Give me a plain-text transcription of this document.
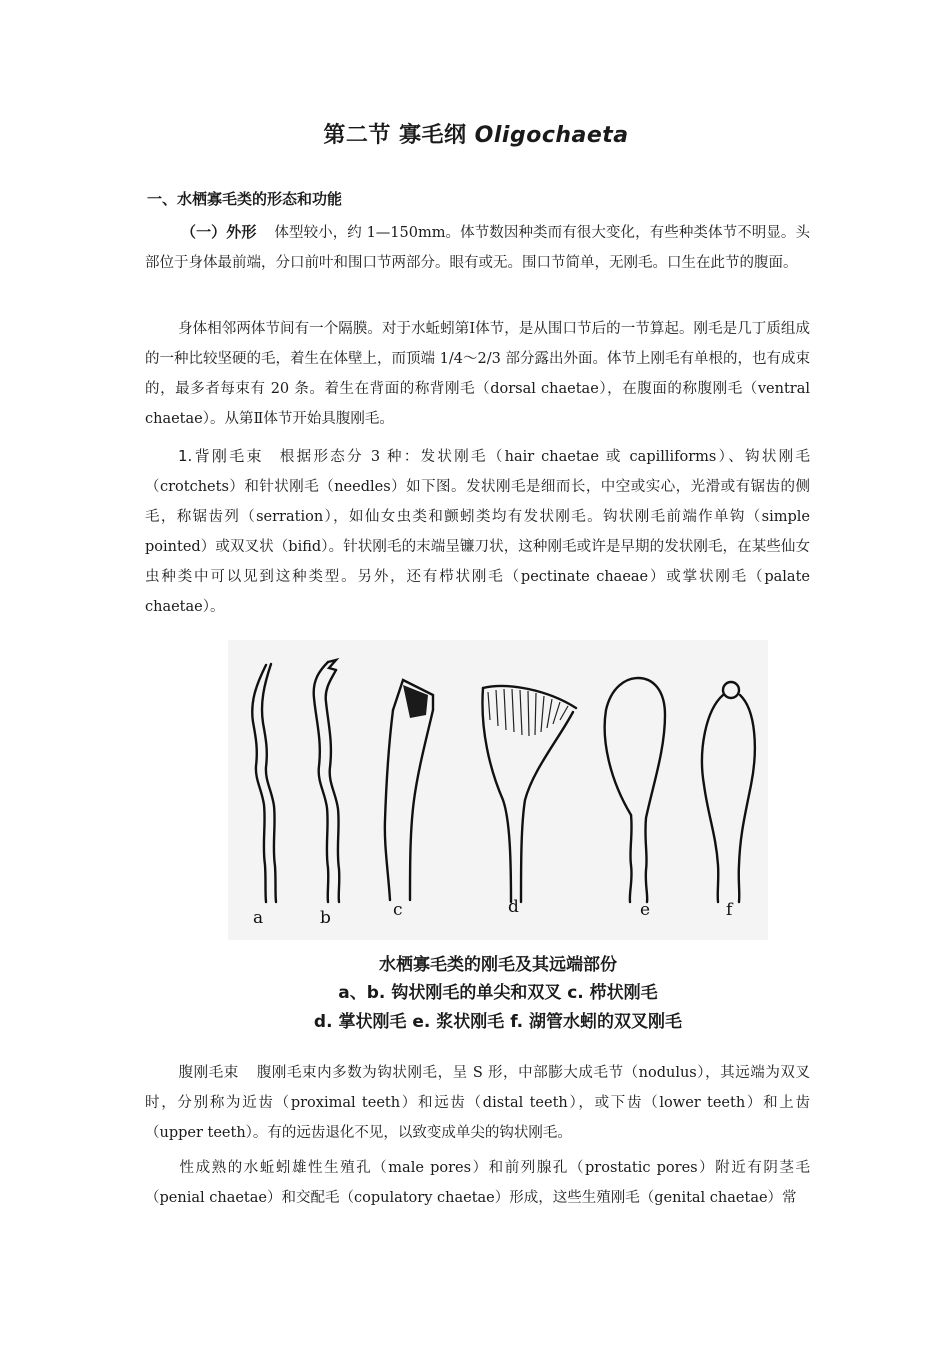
第二节 寡毛纲 Oligochaeta
一、水栖寡毛类的形态和功能
（一）外形 体型较小，约 1—150mm。体节数因种类而有很大变化，有些种类体节不明显。头部位于身体最前端，分口前叶和围口节两部分。眼有或无。围口节简单，无刚毛。口生在此节的腹面。
身体相邻两体节间有一个隔膜。对于水蚯蚓第Ⅰ体节，是从围口节后的一节算起。刚毛是几丁质组成的一种比较坚硬的毛，着生在体壁上，而顶端 1/4～2/3 部分露出外面。体节上刚毛有单根的，也有成束的，最多者每束有 20 条。着生在背面的称背刚毛（dorsal chaetae），在腹面的称腹刚毛（ventral chaetae）。从第Ⅱ体节开始具腹刚毛。
1.背刚毛束 根据形态分 3 种：发状刚毛（hair chaetae 或 capilliforms）、钩状刚毛（crotchets）和针状刚毛（needles）如下图。发状刚毛是细而长，中空或实心，光滑或有锯齿的侧毛，称锯齿列（serration），如仙女虫类和颤蚓类均有发状刚毛。钩状刚毛前端作单钩（simple pointed）或双叉状（bifid）。针状刚毛的末端呈镰刀状，这种刚毛或许是早期的发状刚毛，在某些仙女虫种类中可以见到这种类型。另外，还有栉状刚毛（pectinate chaeae）或掌状刚毛（palate chaetae）。
a	b	c	d	e	f
水栖寡毛类的刚毛及其远端部份
a、b. 钩状刚毛的单尖和双叉 c. 栉状刚毛
d. 掌状刚毛 e. 浆状刚毛 f. 湖管水蚓的双叉刚毛
腹刚毛束 腹刚毛束内多数为钩状刚毛，呈 S 形，中部膨大成毛节（nodulus），其远端为双叉时，分别称为近齿（proximal teeth）和远齿（distal teeth），或下齿（lower teeth）和上齿（upper teeth）。有的远齿退化不见，以致变成单尖的钩状刚毛。
性成熟的水蚯蚓雄性生殖孔（male pores）和前列腺孔（prostatic pores）附近有阴茎毛（penial chaetae）和交配毛（copulatory chaetae）形成，这些生殖刚毛（genital chaetae）常
